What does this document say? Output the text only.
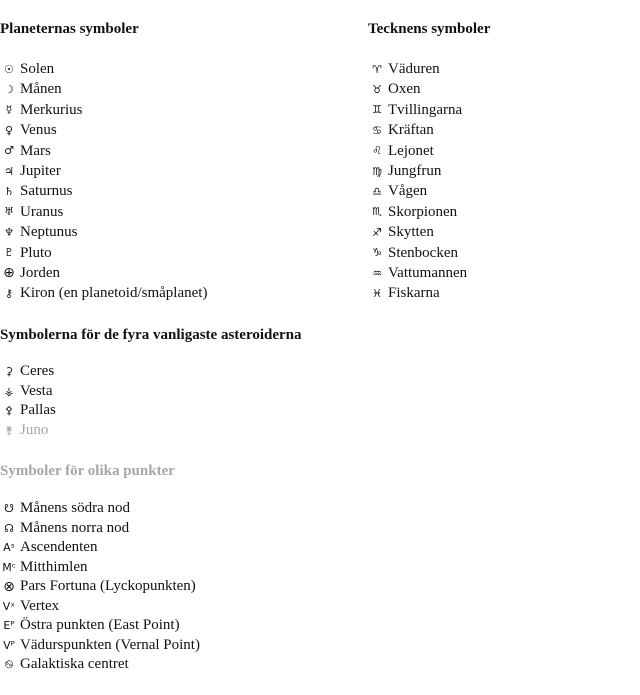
Planeternas symboler
☉ Solen
☽ Månen
☿ Merkurius
♀ Venus
♂ Mars
♃ Jupiter
♄ Saturnus
♅ Uranus
♆ Neptunus
♇ Pluto
⊕ Jorden
⚷ Kiron (en planetoid/småplanet)
Tecknens symboler
♈ Väduren
♉ Oxen
♊ Tvillingarna
♋ Kräftan
♌ Lejonet
♍ Jungfrun
♎ Vågen
♏ Skorpionen
♐ Skytten
♑ Stenbocken
♒ Vattumannen
♓ Fiskarna
Symbolerna för de fyra vanligaste asteroiderna
⚳ Ceres
⚶ Vesta
⚴ Pallas
⚵ Juno
Symboler för olika punkter
☋ Månens södra nod
☊ Månens norra nod
Aˢ Ascendenten
Mᶜ Mitthimlen
⊗ Pars Fortuna (Lyckopunkten)
Vˣ Vertex
Eᴾ Östra punkten (East Point)
Vᴾ Vädurspunkten (Vernal Point)
࿊ Galaktiska centret
